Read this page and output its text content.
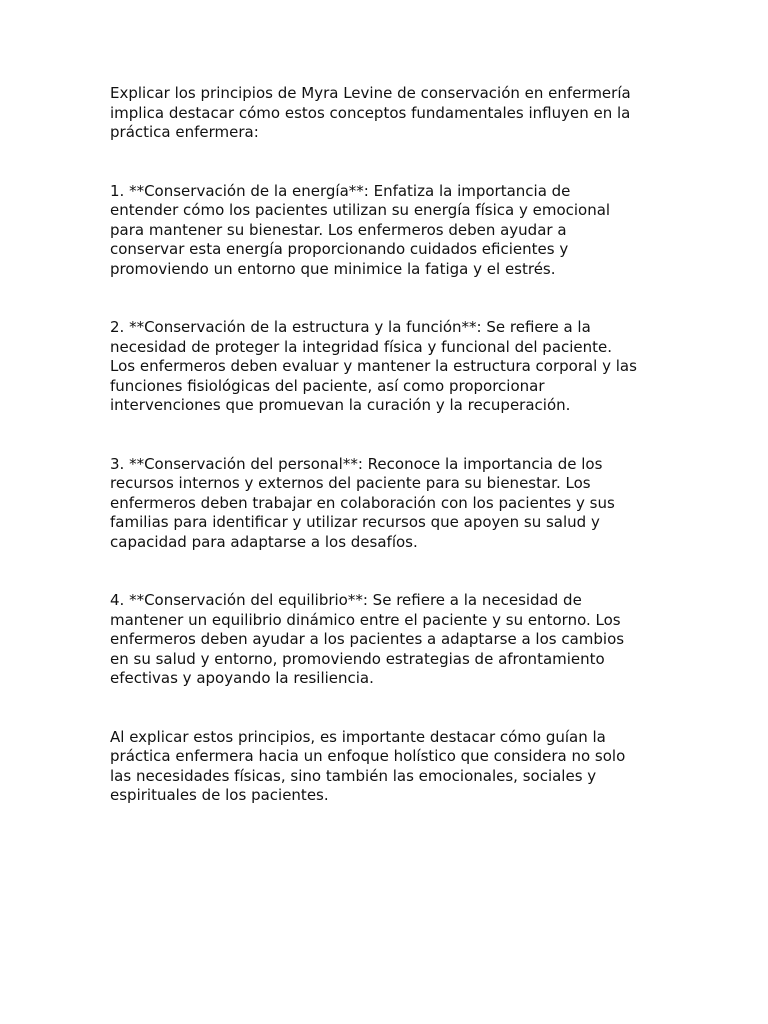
Explicar los principios de Myra Levine de conservación en enfermería
implica destacar cómo estos conceptos fundamentales influyen en la
práctica enfermera:

1. **Conservación de la energía**: Enfatiza la importancia de
entender cómo los pacientes utilizan su energía física y emocional
para mantener su bienestar. Los enfermeros deben ayudar a
conservar esta energía proporcionando cuidados eficientes y
promoviendo un entorno que minimice la fatiga y el estrés.

2. **Conservación de la estructura y la función**: Se refiere a la
necesidad de proteger la integridad física y funcional del paciente.
Los enfermeros deben evaluar y mantener la estructura corporal y las
funciones fisiológicas del paciente, así como proporcionar
intervenciones que promuevan la curación y la recuperación.

3. **Conservación del personal**: Reconoce la importancia de los
recursos internos y externos del paciente para su bienestar. Los
enfermeros deben trabajar en colaboración con los pacientes y sus
familias para identificar y utilizar recursos que apoyen su salud y
capacidad para adaptarse a los desafíos.

4. **Conservación del equilibrio**: Se refiere a la necesidad de
mantener un equilibrio dinámico entre el paciente y su entorno. Los
enfermeros deben ayudar a los pacientes a adaptarse a los cambios
en su salud y entorno, promoviendo estrategias de afrontamiento
efectivas y apoyando la resiliencia.

Al explicar estos principios, es importante destacar cómo guían la
práctica enfermera hacia un enfoque holístico que considera no solo
las necesidades físicas, sino también las emocionales, sociales y
espirituales de los pacientes.
